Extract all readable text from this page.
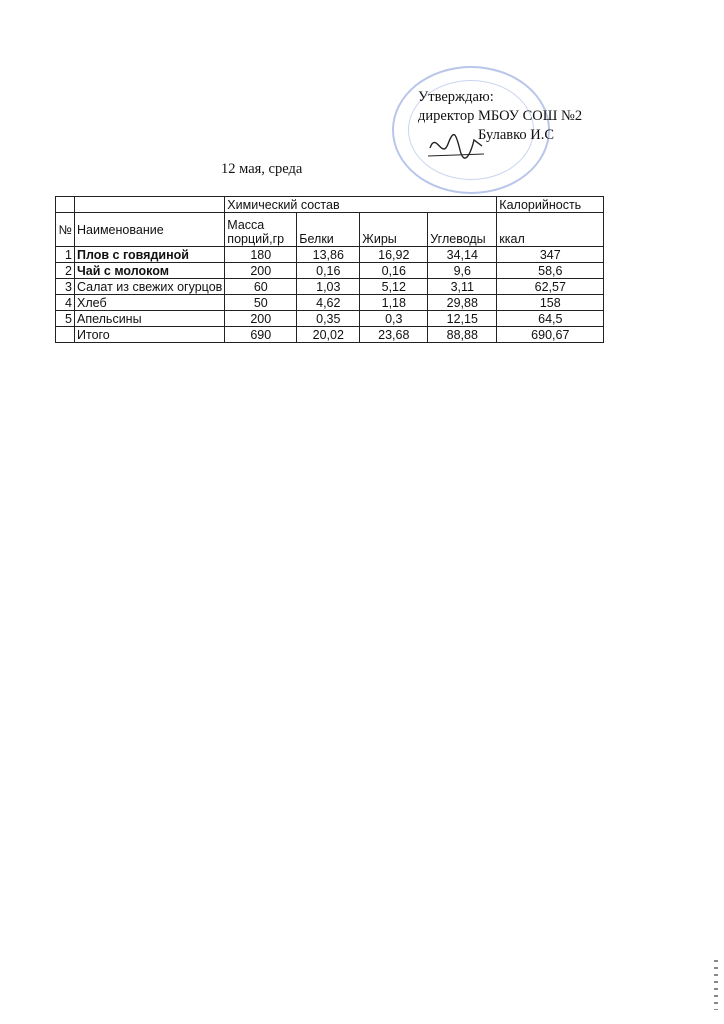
Утверждаю:
директор МБОУ СОШ №2
Булавко И.С
12 мая, среда
		Химический состав				Калорийность
№	Наименование	Масса порций,гр	Белки	Жиры	Углеводы	ккал
1	Плов с говядиной	180	13,86	16,92	34,14	347
2	Чай с молоком	200	0,16	0,16	9,6	58,6
3	Салат из свежих огурцов	60	1,03	5,12	3,11	62,57
4	Хлеб	50	4,62	1,18	29,88	158
5	Апельсины	200	0,35	0,3	12,15	64,5
	Итого	690	20,02	23,68	88,88	690,67
